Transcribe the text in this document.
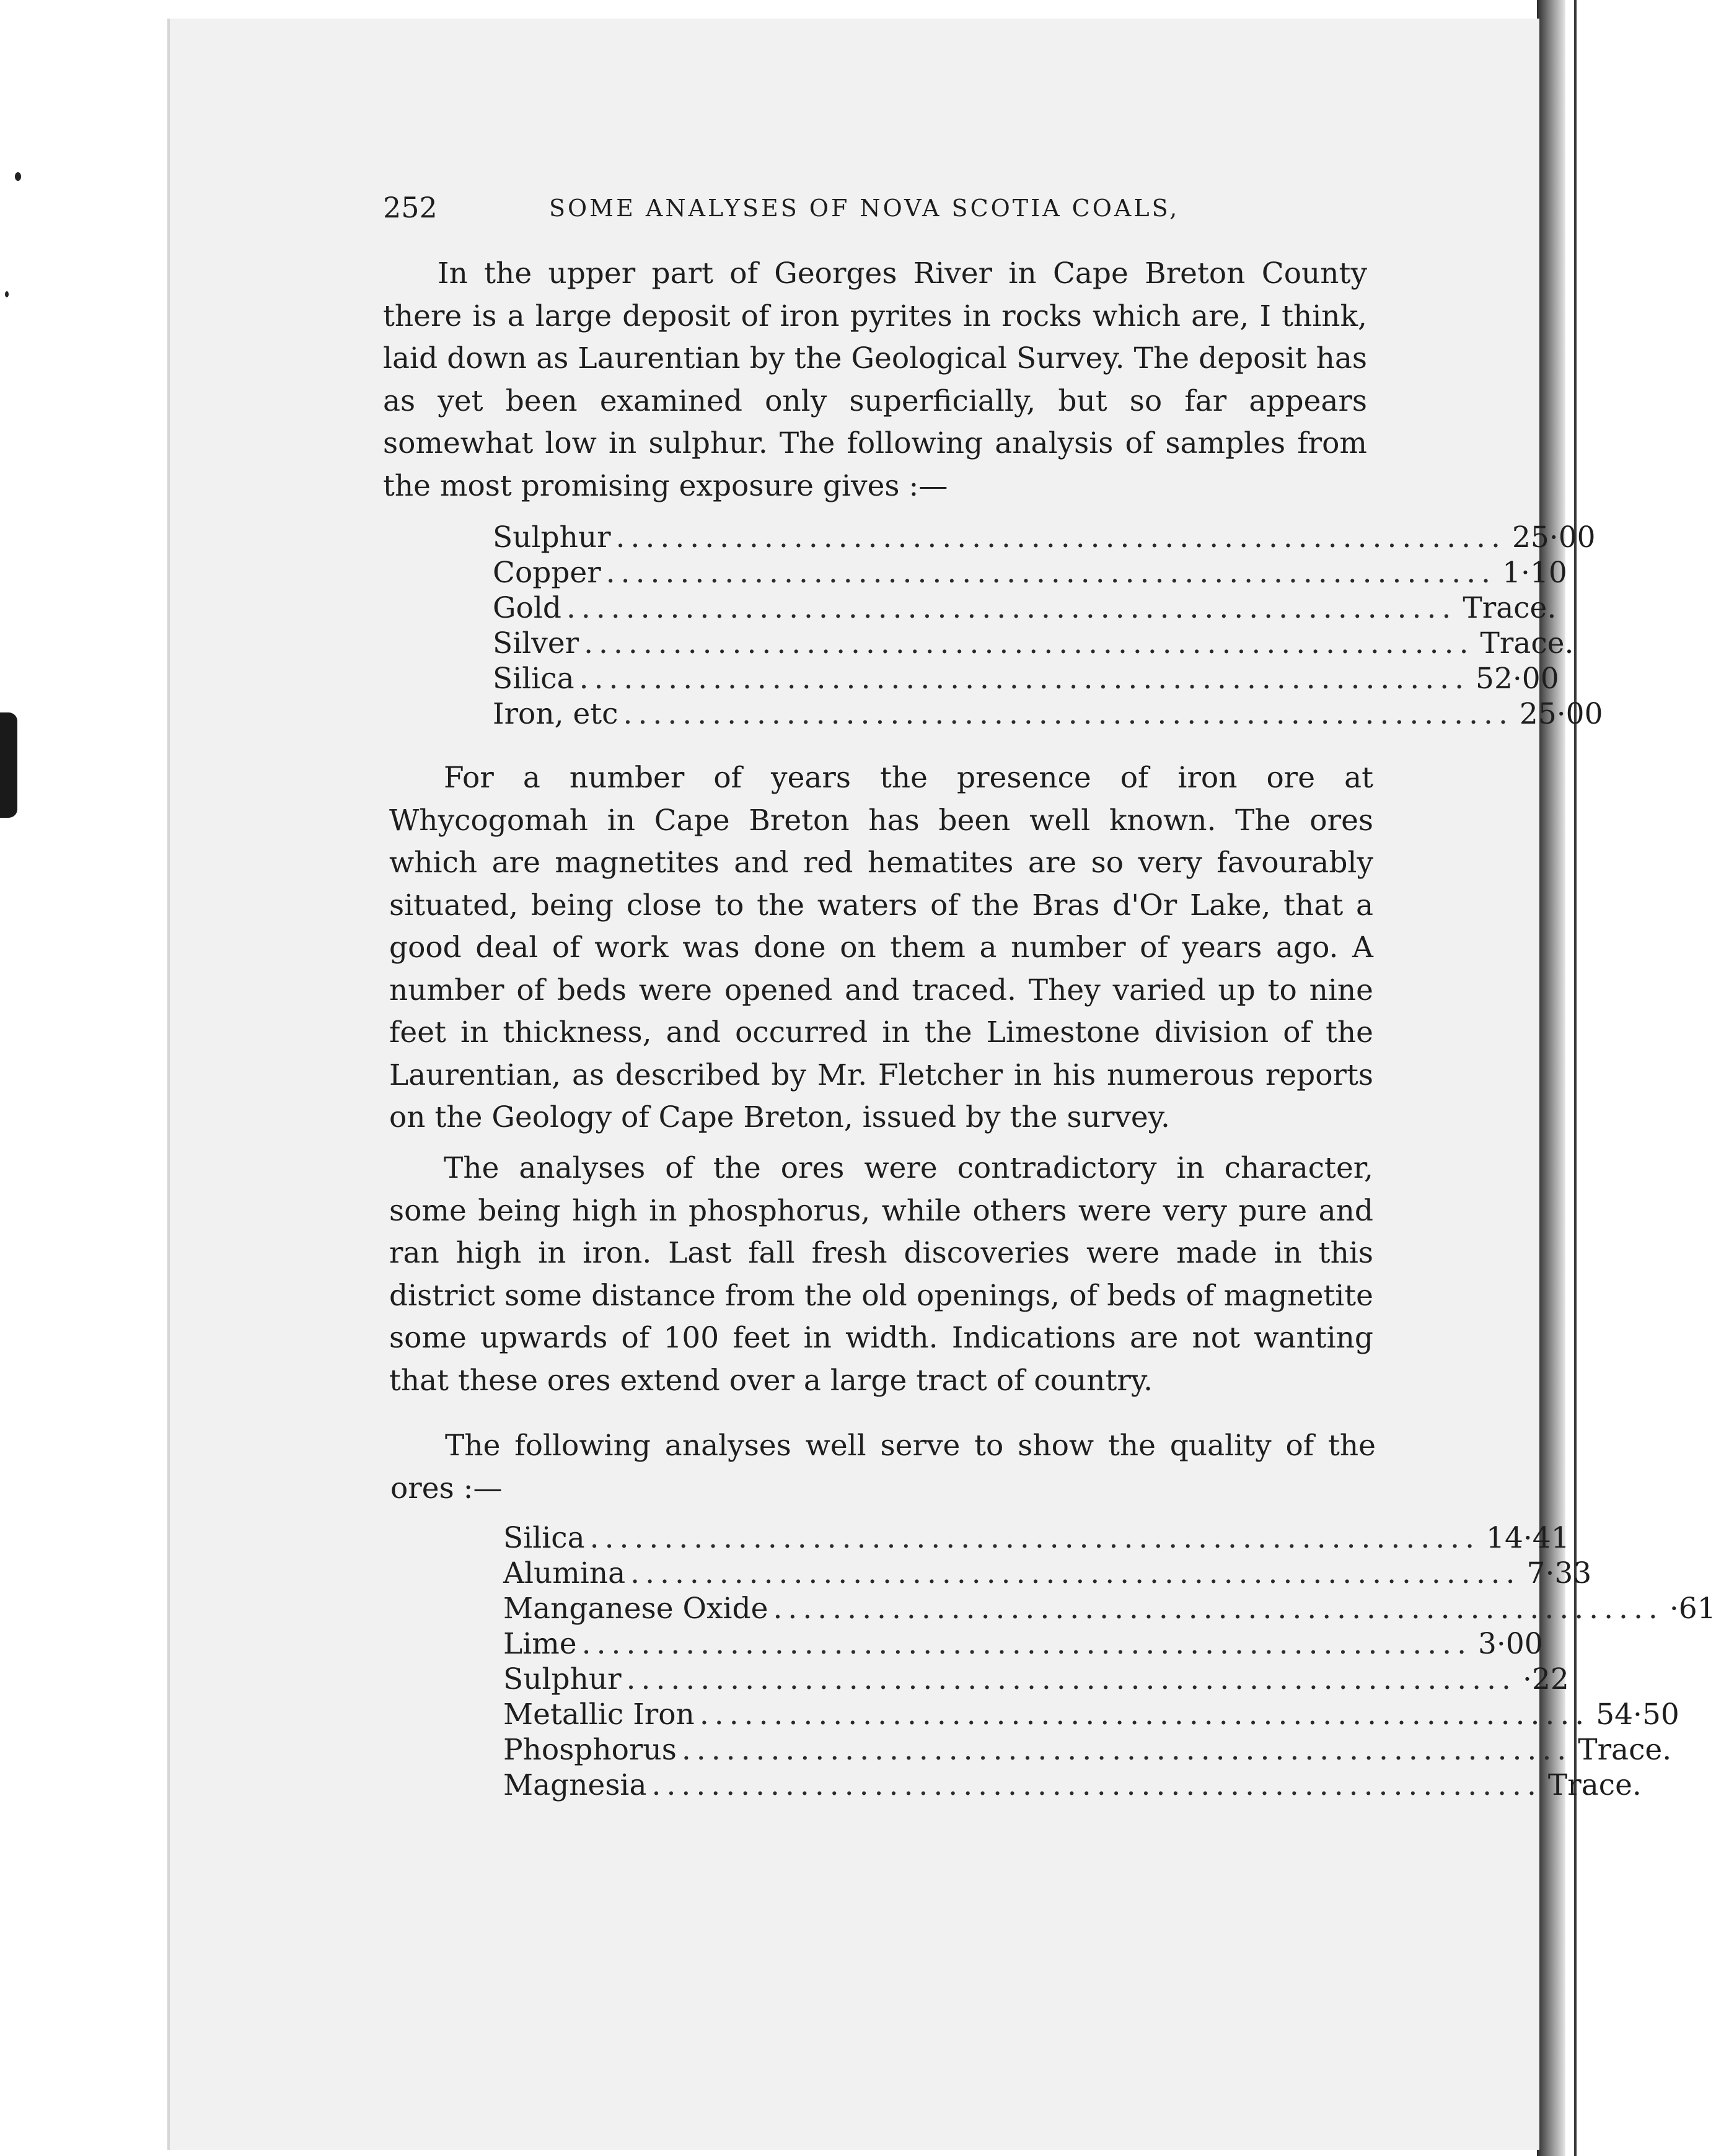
252	SOME ANALYSES OF NOVA SCOTIA COALS,

In the upper part of Georges River in Cape Breton County there is a large deposit of iron pyrites in rocks which are, I think, laid down as Laurentian by the Geological Survey. The deposit has as yet been examined only superficially, but so far appears somewhat low in sulphur. The following analysis of samples from the most promising exposure gives :—

Sulphur ............................................................ 25·00
Copper ............................................................ 1·10
Gold ............................................................ Trace.
Silver ............................................................ Trace.
Silica ............................................................ 52·00
Iron, etc ............................................................ 25·00

For a number of years the presence of iron ore at Whycogomah in Cape Breton has been well known. The ores which are magnetites and red hematites are so very favourably situated, being close to the waters of the Bras d'Or Lake, that a good deal of work was done on them a number of years ago. A number of beds were opened and traced. They varied up to nine feet in thickness, and occurred in the Limestone division of the Laurentian, as described by Mr. Fletcher in his numerous reports on the Geology of Cape Breton, issued by the survey.

The analyses of the ores were contradictory in character, some being high in phosphorus, while others were very pure and ran high in iron. Last fall fresh discoveries were made in this district some distance from the old openings, of beds of magnetite some upwards of 100 feet in width. Indications are not wanting that these ores extend over a large tract of country.

The following analyses well serve to show the quality of the ores :—

Silica ............................................................ 14·41
Alumina ............................................................ 7·33
Manganese Oxide ............................................................ ·61
Lime ............................................................ 3·00
Sulphur ............................................................ ·22
Metallic Iron ............................................................ 54·50
Phosphorus ............................................................ Trace.
Magnesia ............................................................ Trace.
